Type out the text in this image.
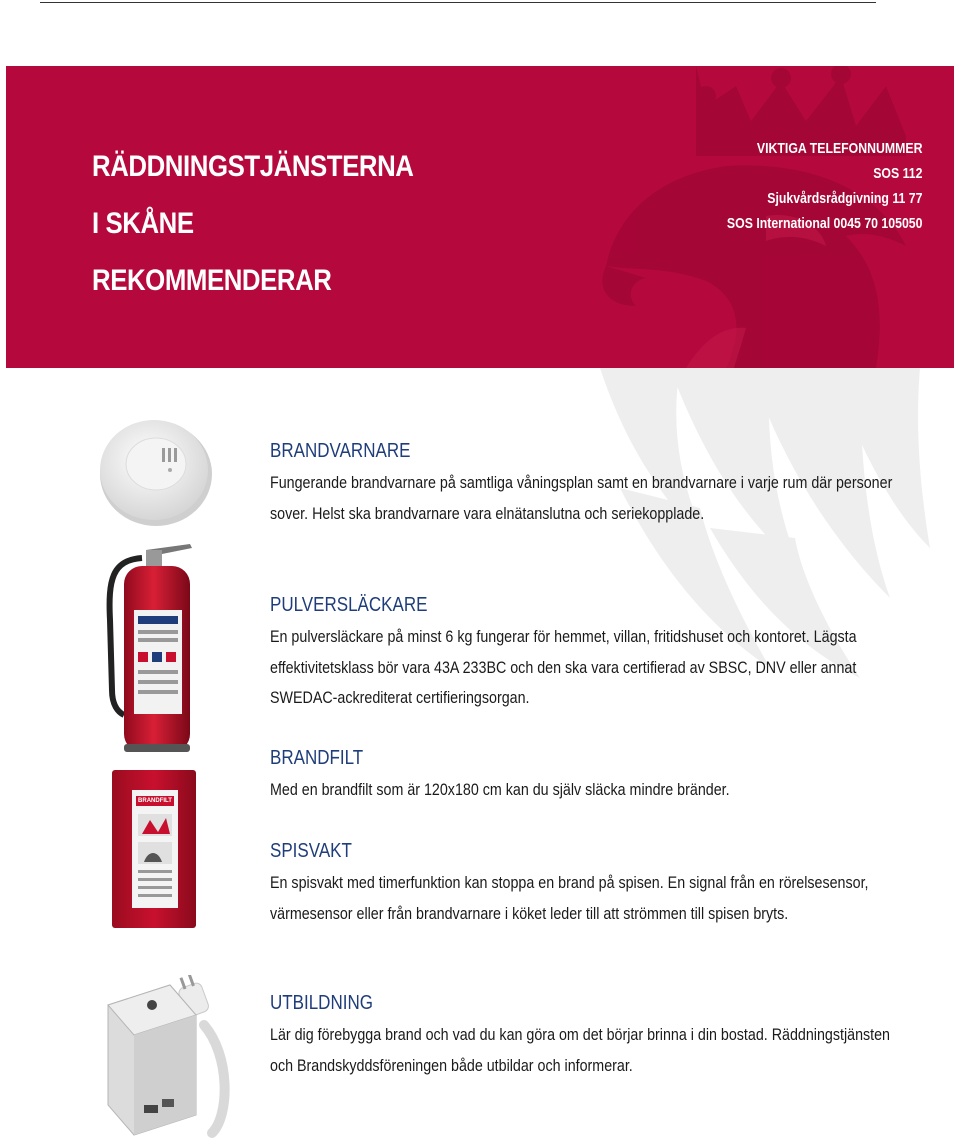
RÄDDNINGSTJÄNSTERNA
I SKÅNE
REKOMMENDERAR
VIKTIGA TELEFONNUMMER
SOS 112
Sjukvårdsrådgivning 11 77
SOS International 0045 70 105050
BRANDFILT
BRANDVARNARE

Fungerande brandvarnare på samtliga våningsplan samt en brandvarnare i varje rum där personer sover. Helst ska brandvarnare vara elnätanslutna och seriekopplade.

PULVERSLÄCKARE

En pulversläckare på minst 6 kg fungerar för hemmet, villan, fritidshuset och kontoret. Lägsta effektivitetsklass bör vara 43A 233BC och den ska vara certifierad av SBSC, DNV eller annat SWEDAC-ackrediterat certifieringsorgan.

BRANDFILT

Med en brandfilt som är 120x180 cm kan du själv släcka mindre bränder.

SPISVAKT

En spisvakt med timerfunktion kan stoppa en brand på spisen. En signal från en rörelsesensor, värmesensor eller från brandvarnare i köket leder till att strömmen till spisen bryts.

UTBILDNING

Lär dig förebygga brand och vad du kan göra om det börjar brinna i din bostad. Räddningstjänsten och Brandskyddsföreningen både utbildar och informerar.
